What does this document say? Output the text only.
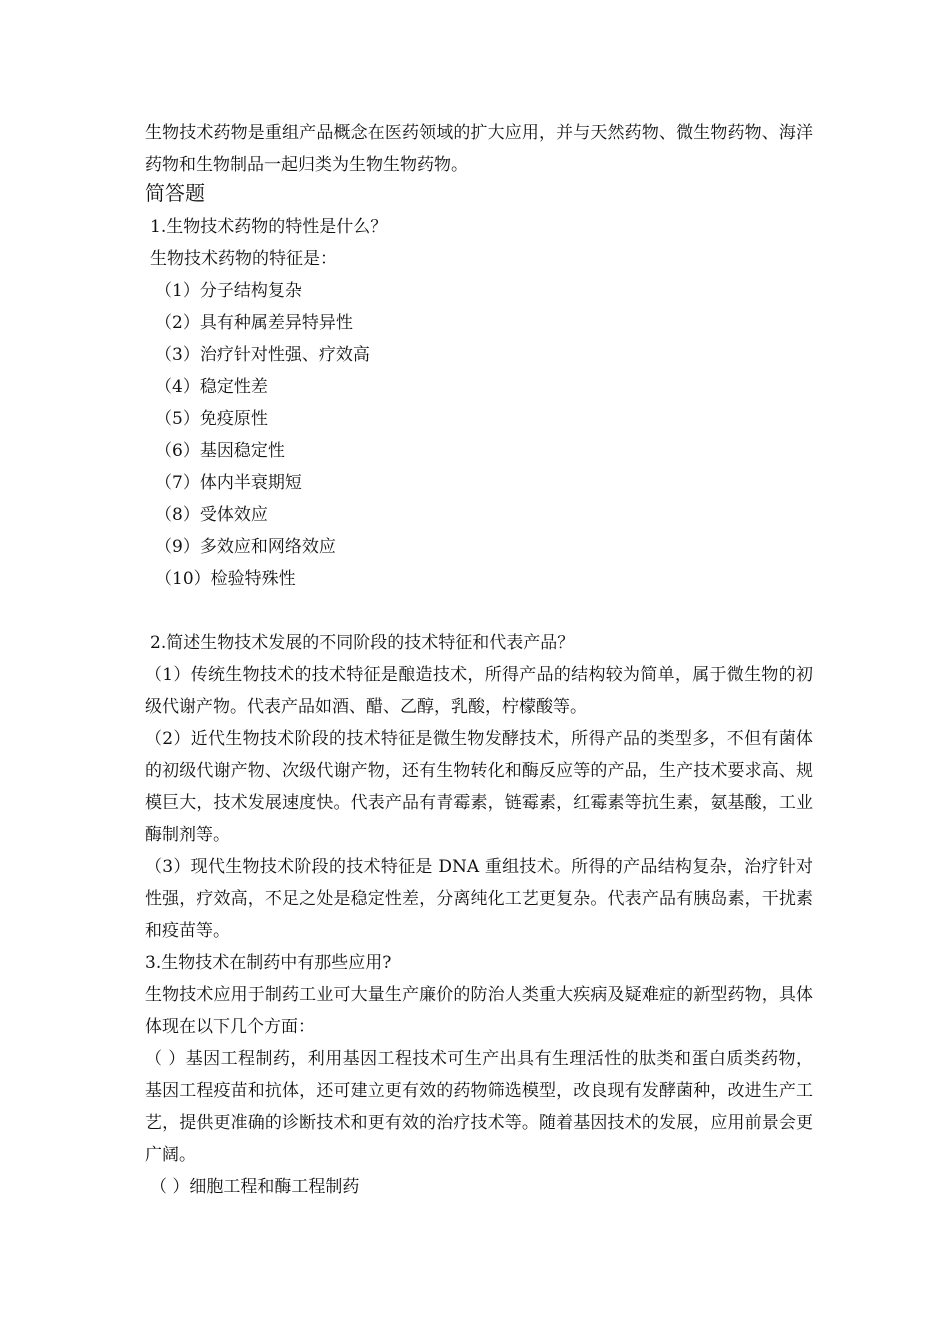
生物技术药物是重组产品概念在医药领域的扩大应用，并与天然药物、微生物药物、海洋药物和生物制品一起归类为生物生物药物。
简答题
1.生物技术药物的特性是什么？
生物技术药物的特征是：
（1）分子结构复杂
（2）具有种属差异特异性
（3）治疗针对性强、疗效高
（4）稳定性差
（5）免疫原性
（6）基因稳定性
（7）体内半衰期短
（8）受体效应
（9）多效应和网络效应
（10）检验特殊性
2.简述生物技术发展的不同阶段的技术特征和代表产品？
（1）传统生物技术的技术特征是酿造技术，所得产品的结构较为简单，属于微生物的初级代谢产物。代表产品如酒、醋、乙醇，乳酸，柠檬酸等。
（2）近代生物技术阶段的技术特征是微生物发酵技术，所得产品的类型多，不但有菌体的初级代谢产物、次级代谢产物，还有生物转化和酶反应等的产品，生产技术要求高、规模巨大，技术发展速度快。代表产品有青霉素，链霉素，红霉素等抗生素，氨基酸，工业酶制剂等。
（3）现代生物技术阶段的技术特征是 DNA 重组技术。所得的产品结构复杂，治疗针对性强，疗效高，不足之处是稳定性差，分离纯化工艺更复杂。代表产品有胰岛素，干扰素和疫苗等。
3.生物技术在制药中有那些应用?
生物技术应用于制药工业可大量生产廉价的防治人类重大疾病及疑难症的新型药物，具体体现在以下几个方面：
（ ）基因工程制药，利用基因工程技术可生产出具有生理活性的肽类和蛋白质类药物，基因工程疫苗和抗体，还可建立更有效的药物筛选模型，改良现有发酵菌种，改进生产工艺，提供更准确的诊断技术和更有效的治疗技术等。随着基因技术的发展，应用前景会更广阔。
（ ）细胞工程和酶工程制药
